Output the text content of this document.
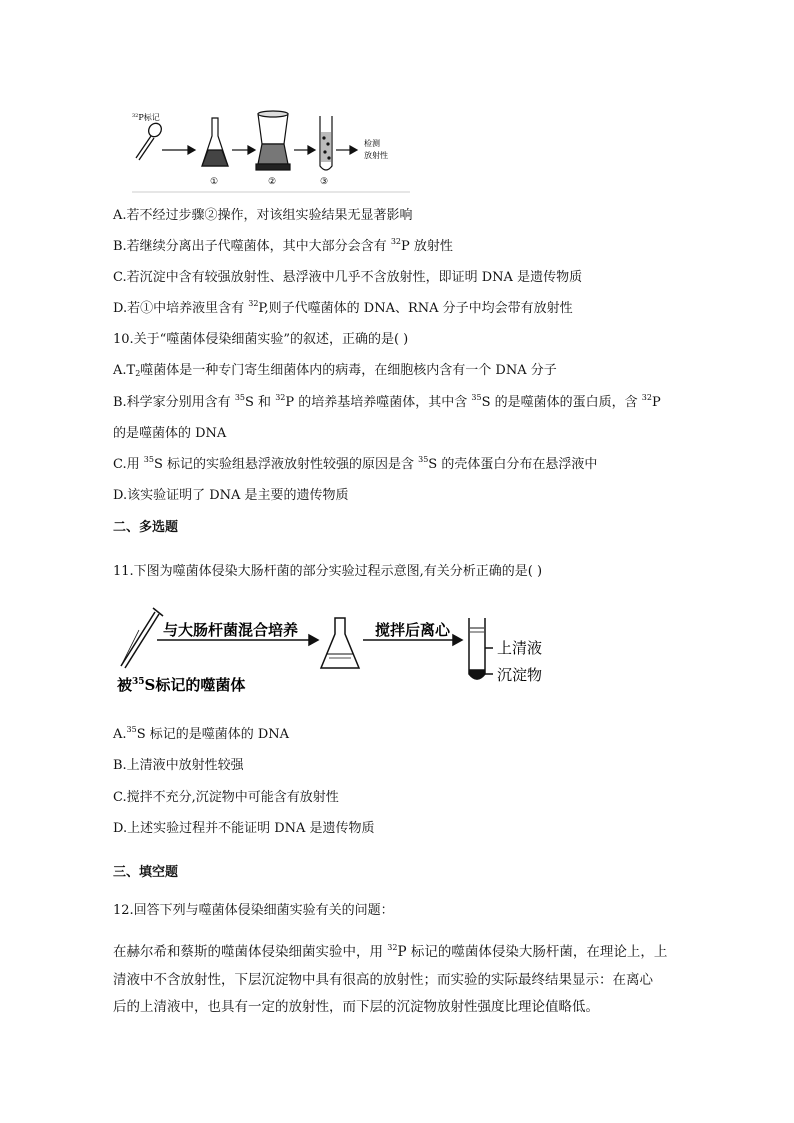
$^{32}$P标记
①	②	③
检测
放射性
A.若不经过步骤②操作，对该组实验结果无显著影响
B.若继续分离出子代噬菌体，其中大部分会含有 $^{32}$P 放射性
C.若沉淀中含有较强放射性、悬浮液中几乎不含放射性，即证明 DNA 是遗传物质
D.若①中培养液里含有 $^{32}$P,则子代噬菌体的 DNA、RNA 分子中均会带有放射性
10.关于“噬菌体侵染细菌实验”的叙述，正确的是( )
$A.T_2$噬菌体是一种专门寄生细菌体内的病毒，在细胞核内含有一个 DNA 分子
B.科学家分别用含有 $^{35}$S 和 $^{32}$P 的培养基培养噬菌体，其中含 $^{35}$S 的是噬菌体的蛋白质，含 $^{32}$P
的是噬菌体的 DNA
C.用 $^{35}$S 标记的实验组悬浮液放射性较强的原因是含 $^{35}$S 的壳体蛋白分布在悬浮液中
D.该实验证明了 DNA 是主要的遗传物质
二、多选题
11.下图为噬菌体侵染大肠杆菌的部分实验过程示意图,有关分析正确的是( )
与大肠杆菌混合培养	搅拌后离心
上清液
沉淀物
被$^{35}$S标记的噬菌体
A.$^{35}$S 标记的是噬菌体的 DNA
B.上清液中放射性较强
C.搅拌不充分,沉淀物中可能含有放射性
D.上述实验过程并不能证明 DNA 是遗传物质
三、填空题
12.回答下列与噬菌体侵染细菌实验有关的问题：
在赫尔希和蔡斯的噬菌体侵染细菌实验中，用 $^{32}$P 标记的噬菌体侵染大肠杆菌，在理论上，上
清液中不含放射性，下层沉淀物中具有很高的放射性；而实验的实际最终结果显示：在离心
后的上清液中，也具有一定的放射性，而下层的沉淀物放射性强度比理论值略低。
